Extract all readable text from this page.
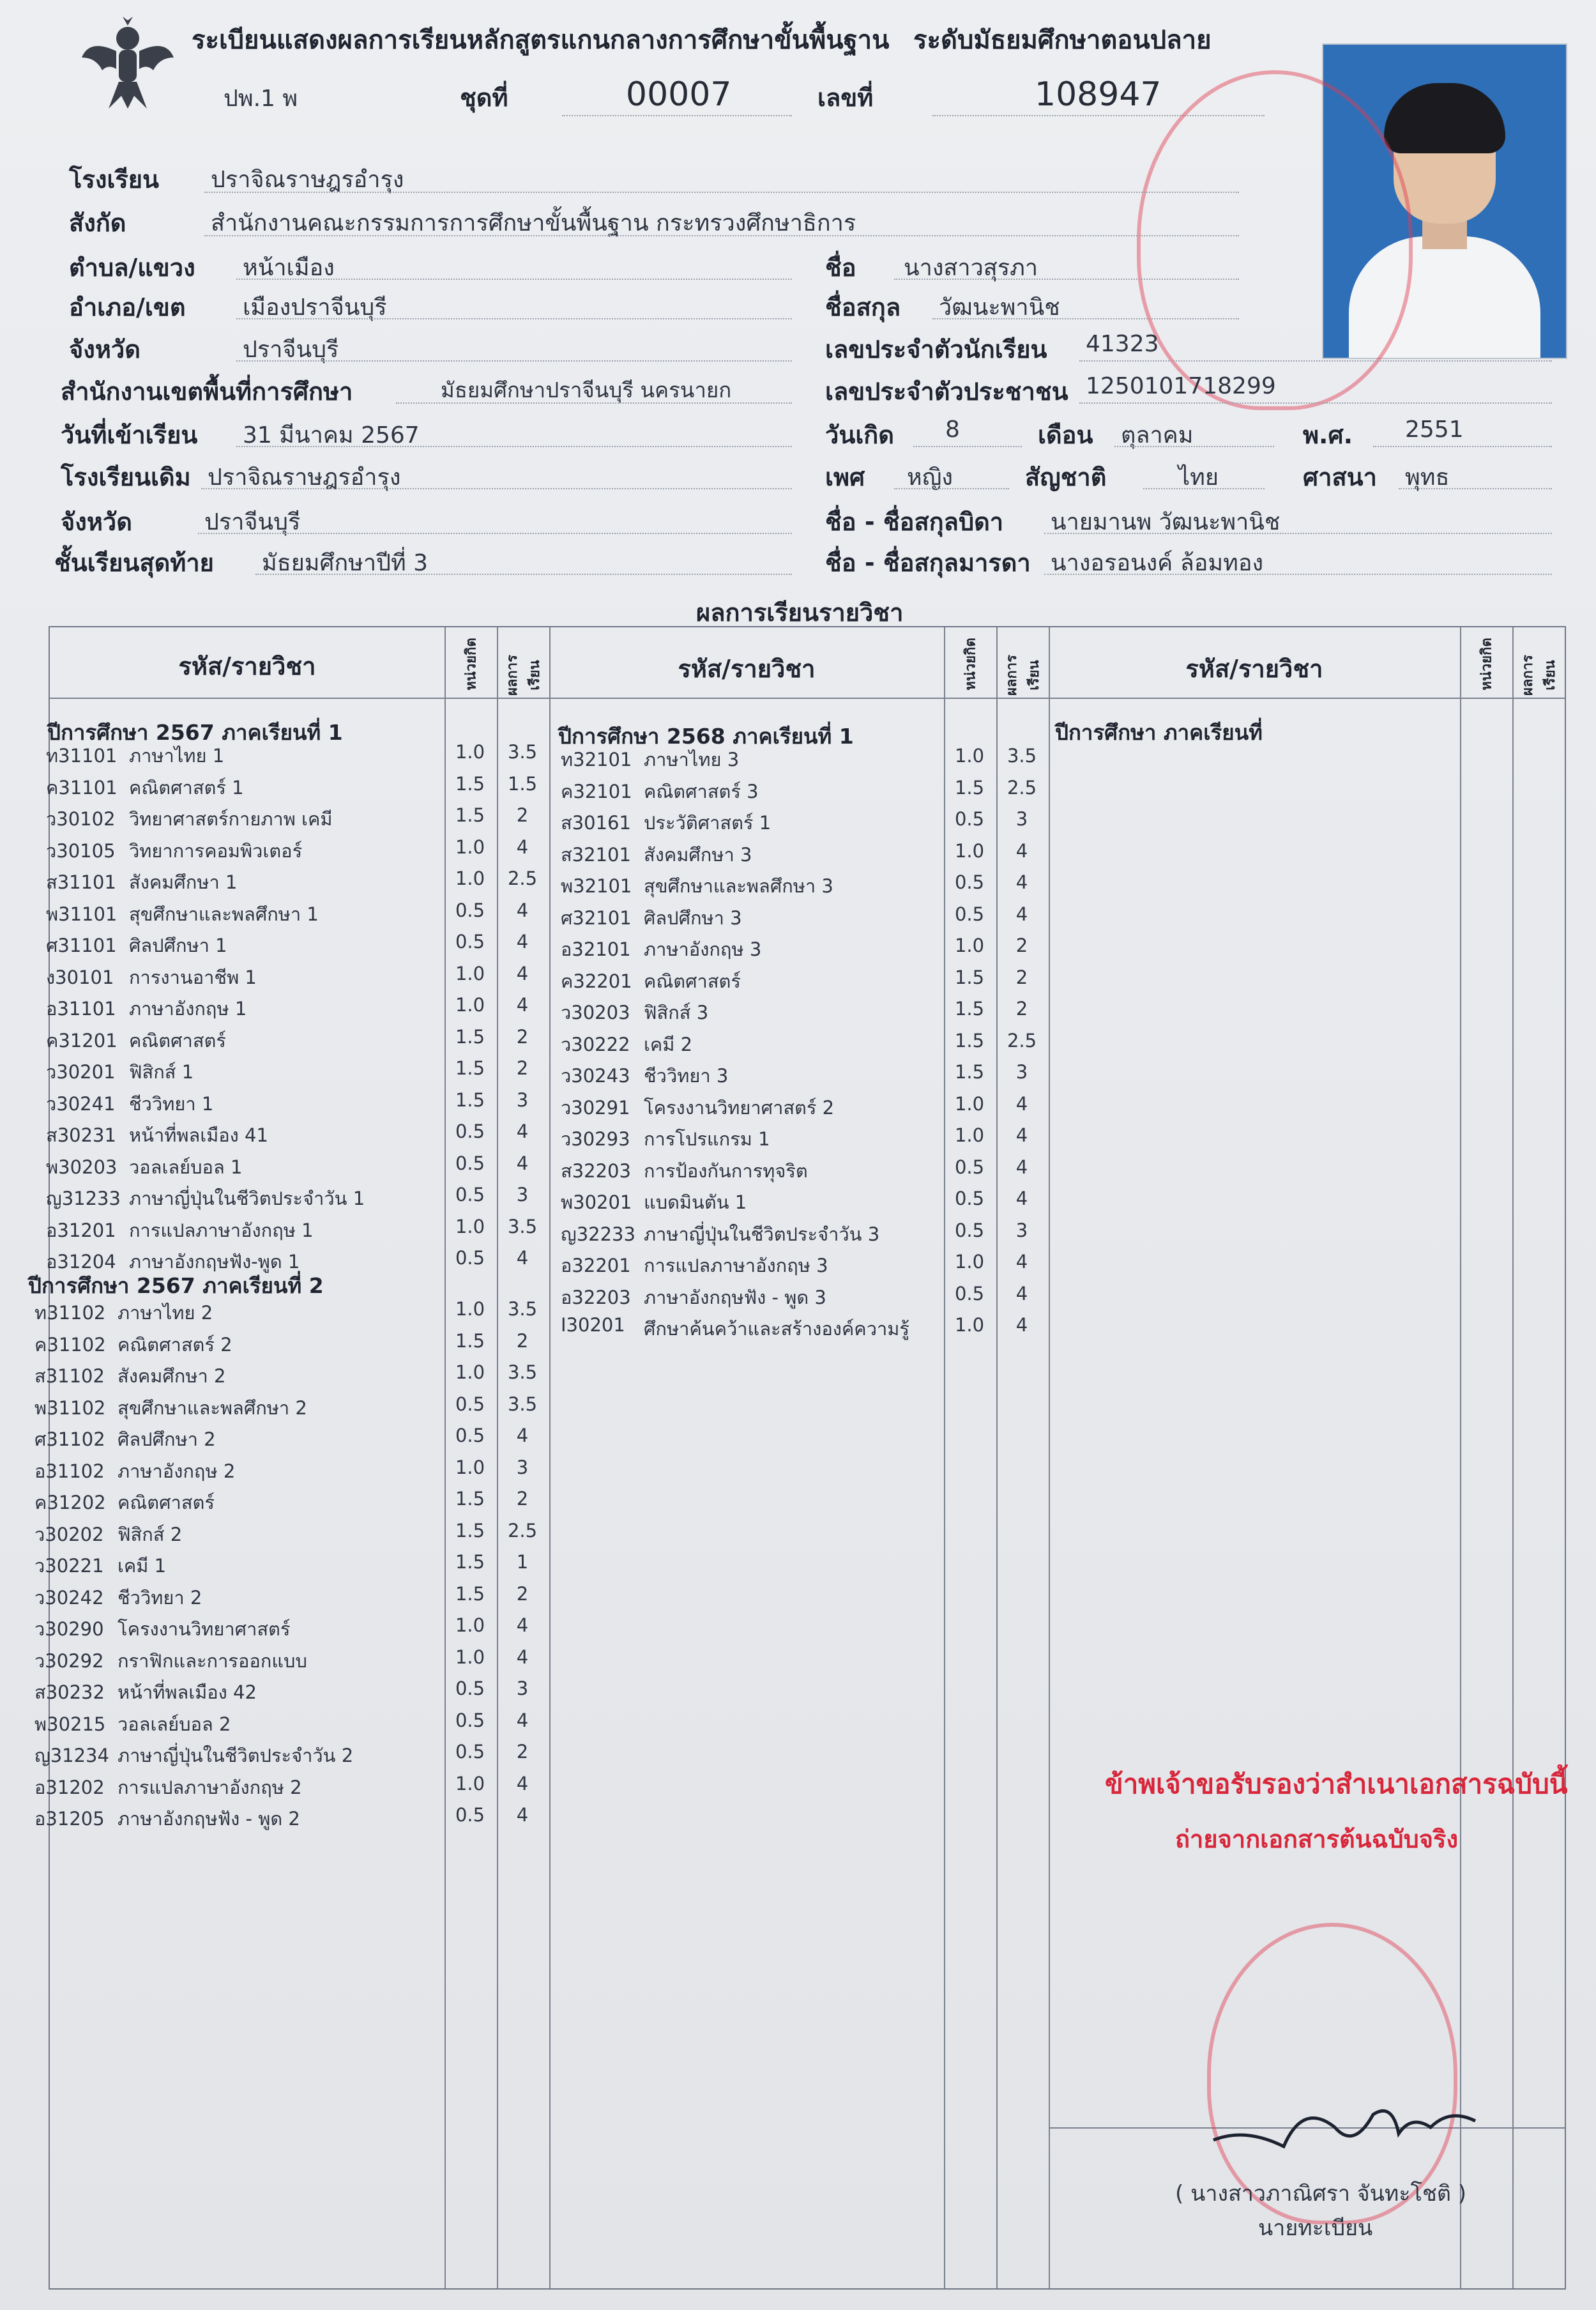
ระเบียนแสดงผลการเรียนหลักสูตรแกนกลางการศึกษาขั้นพื้นฐาน ระดับมัธยมศึกษาตอนปลาย
ปพ.1 พ	ชุดที่	00007	เลขที่	108947
โรงเรียน ปราจิณราษฎรอำรุง
สังกัด	สำนักงานคณะกรรมการการศึกษาขั้นพื้นฐาน กระทรวงศึกษาธิการ
ตำบล/แขวง หน้าเมือง
อำเภอ/เขต เมืองปราจีนบุรี
จังหวัด	ปราจีนบุรี
สำนักงานเขตพื้นที่การศึกษา	มัธยมศึกษาปราจีนบุรี นครนายก
วันที่เข้าเรียน 31 มีนาคม 2567
โรงเรียนเดิม ปราจิณราษฎรอำรุง
จังหวัด	ปราจีนบุรี
ชั้นเรียนสุดท้าย มัธยมศึกษาปีที่ 3
ชื่อ นางสาวสุรภา
ชื่อสกุล วัฒนะพานิช
เลขประจำตัวนักเรียน 41323
เลขประจำตัวประชาชน 1250101718299
วันเกิด 8	เดือน ตุลาคม	พ.ศ. 2551
เพศ หญิง	สัญชาติ	ไทย	ศาสนา พุทธ
ชื่อ - ชื่อสกุลบิดา นายมานพ วัฒนะพานิช
ชื่อ - ชื่อสกุลมารดา นางอรอนงค์ ล้อมทอง
ผลการเรียนรายวิชา
รหัส/รายวิชา	หน่วยกิต ผลการเรียน	รหัส/รายวิชา	หน่วยกิต ผลการเรียน	รหัส/รายวิชา	หน่วยกิต ผลการเรียน
ปีการศึกษา 2567 ภาคเรียนที่ 1
ปีการศึกษา 2567 ภาคเรียนที่ 2
ปีการศึกษา 2568 ภาคเรียนที่ 1	ปีการศึกษา ภาคเรียนที่
ท31101 ภาษาไทย 1	1.0	3.5
ค31101 คณิตศาสตร์ 1	1.5	1.5
ว30102 วิทยาศาสตร์กายภาพ เคมี	1.5	2
ว30105 วิทยาการคอมพิวเตอร์	1.0	4
ส31101 สังคมศึกษา 1	1.0	2.5
พ31101 สุขศึกษาและพลศึกษา 1	0.5	4
ศ31101 ศิลปศึกษา 1	0.5	4
ง30101 การงานอาชีพ 1	1.0	4
อ31101 ภาษาอังกฤษ 1	1.0	4
ค31201 คณิตศาสตร์	1.5	2
ว30201 ฟิสิกส์ 1	1.5	2
ว30241 ชีววิทยา 1	1.5	3
ส30231 หน้าที่พลเมือง 41	0.5	4
พ30203 วอลเลย์บอล 1	0.5	4
ญ31233 ภาษาญี่ปุ่นในชีวิตประจำวัน 1	0.5	3
อ31201 การแปลภาษาอังกฤษ 1	1.0	3.5
อ31204 ภาษาอังกฤษฟัง-พูด 1	0.5	4
ท31102 ภาษาไทย 2	1.0	3.5
ค31102 คณิตศาสตร์ 2	1.5	2
ส31102 สังคมศึกษา 2	1.0	3.5
พ31102 สุขศึกษาและพลศึกษา 2	0.5	3.5
ศ31102 ศิลปศึกษา 2	0.5	4
อ31102 ภาษาอังกฤษ 2	1.0	3
ค31202 คณิตศาสตร์	1.5	2
ว30202 ฟิสิกส์ 2	1.5	2.5
ว30221 เคมี 1	1.5	1
ว30242 ชีววิทยา 2	1.5	2
ว30290 โครงงานวิทยาศาสตร์	1.0	4
ว30292 กราฟิกและการออกแบบ	1.0	4
ส30232 หน้าที่พลเมือง 42	0.5	3
พ30215 วอลเลย์บอล 2	0.5	4
ญ31234 ภาษาญี่ปุ่นในชีวิตประจำวัน 2	0.5	2
อ31202 การแปลภาษาอังกฤษ 2	1.0	4
อ31205 ภาษาอังกฤษฟัง - พูด 2	0.5	4
ท32101 ภาษาไทย 3	1.0	3.5
ค32101 คณิตศาสตร์ 3	1.5	2.5
ส30161 ประวัติศาสตร์ 1	0.5	3
ส32101 สังคมศึกษา 3	1.0	4
พ32101 สุขศึกษาและพลศึกษา 3	0.5	4
ศ32101 ศิลปศึกษา 3	0.5	4
อ32101 ภาษาอังกฤษ 3	1.0	2
ค32201 คณิตศาสตร์	1.5	2
ว30203 ฟิสิกส์ 3	1.5	2
ว30222 เคมี 2	1.5	2.5
ว30243 ชีววิทยา 3	1.5	3
ว30291 โครงงานวิทยาศาสตร์ 2	1.0	4
ว30293 การโปรแกรม 1	1.0	4
ส32203 การป้องกันการทุจริต	0.5	4
พ30201 แบดมินตัน 1	0.5	4
ญ32233 ภาษาญี่ปุ่นในชีวิตประจำวัน 3	0.5	3
อ32201 การแปลภาษาอังกฤษ 3	1.0	4
อ32203 ภาษาอังกฤษฟัง - พูด 3	0.5	4
I30201 ศึกษาค้นคว้าและสร้างองค์ความรู้	1.0	4
ข้าพเจ้าขอรับรองว่าสำเนาเอกสารฉบับนี้
ถ่ายจากเอกสารต้นฉบับจริง
( นางสาวภาณิศรา จันทะโชติ )
นายทะเบียน
